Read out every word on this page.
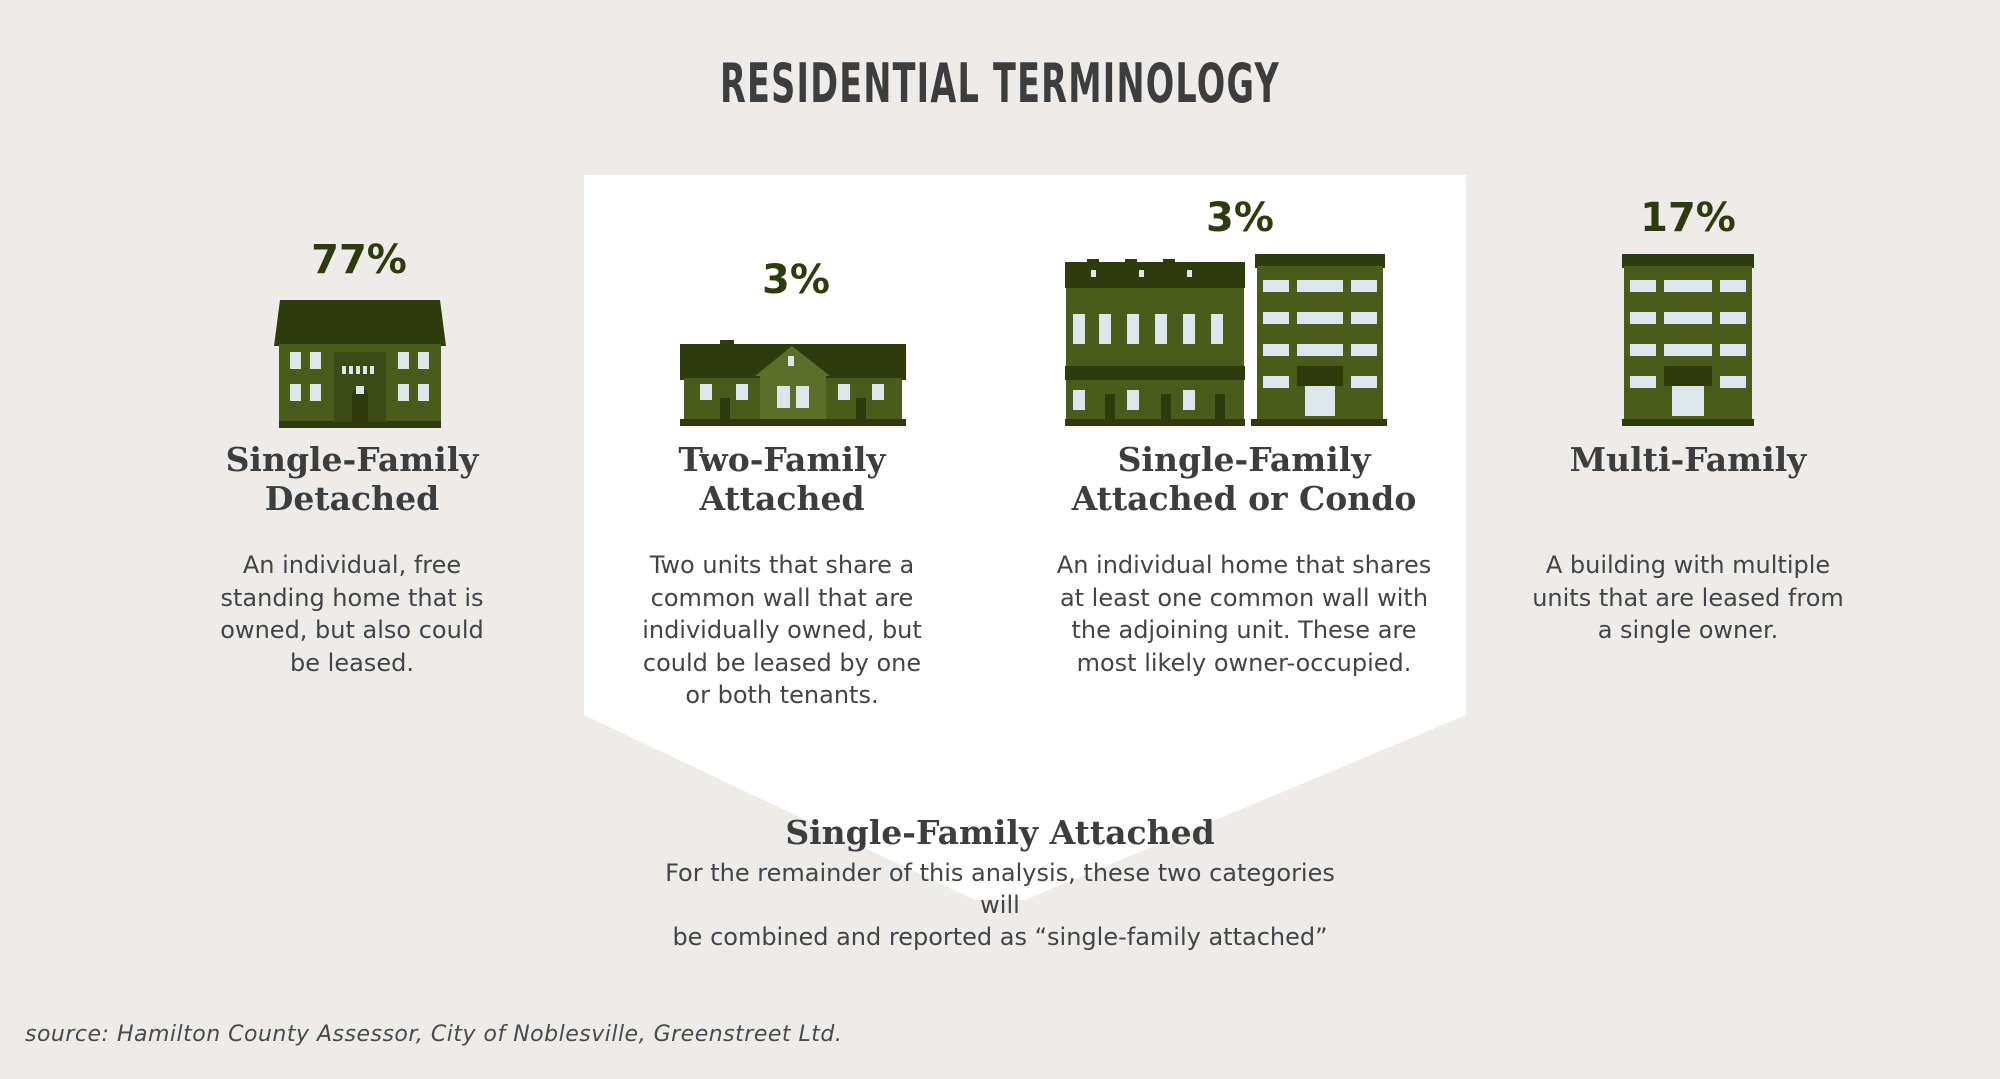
RESIDENTIAL TERMINOLOGY
77%	3%
3%	17%
Single-Family
Detached
Two-Family
Attached
Single-Family
Attached or Condo
Multi-Family
An individual, free
standing home that is
owned, but also could
be leased.
Two units that share a
common wall that are
individually owned, but
could be leased by one
or both tenants.
An individual home that shares
at least one common wall with
the adjoining unit. These are
most likely owner-occupied.
A building with multiple
units that are leased from
a single owner.
Single-Family Attached
For the remainder of this analysis, these two categories will
be combined and reported as “single-family attached”
source: Hamilton County Assessor, City of Noblesville, Greenstreet Ltd.
